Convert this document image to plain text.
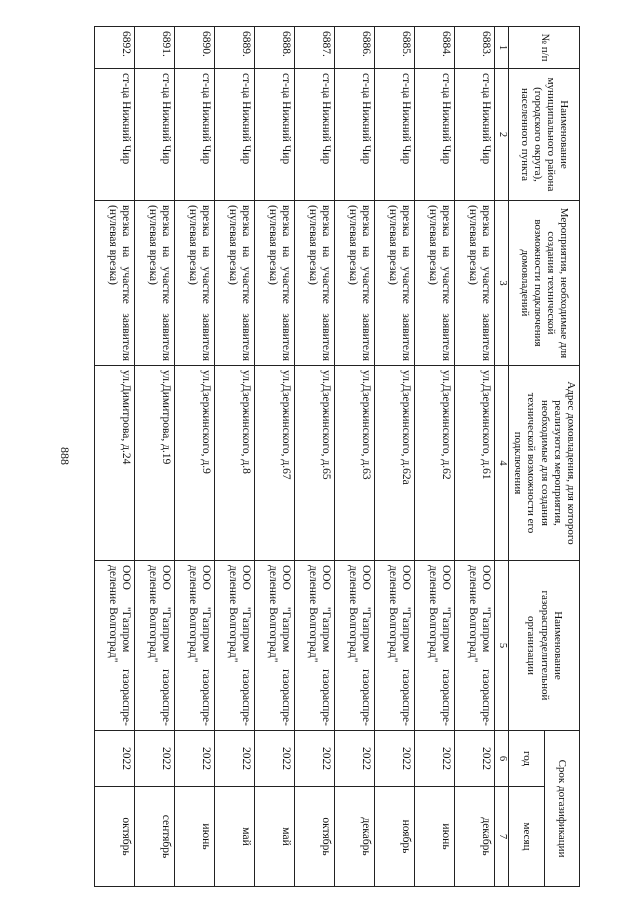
888
№ п/п	Наименование муниципального района (городского округа), населенного пункта	Мероприятия, необходимые для создания технической возможности подключения домовладений	Адрес домовладения, для которого реализуются мероприятия, необходимые для создания технической возможности его подключения	Наименование газораспределительной организации	Срок догазификации	
					год	месяц
1	2	3	4	5	6	7
6883.	ст-ца Нижний Чир	врезка на участке заявителя (нулевая врезка)	ул.Дзержинского, д.61	ООО "Газпром газораспре-деление Волгоград"	2022	декабрь
6884.	ст-ца Нижний Чир	врезка на участке заявителя (нулевая врезка)	ул.Дзержинского, д.62	ООО "Газпром газораспре-деление Волгоград"	2022	июнь
6885.	ст-ца Нижний Чир	врезка на участке заявителя (нулевая врезка)	ул.Дзержинского, д.62а	ООО "Газпром газораспре-деление Волгоград"	2022	ноябрь
6886.	ст-ца Нижний Чир	врезка на участке заявителя (нулевая врезка)	ул.Дзержинского, д.63	ООО "Газпром газораспре-деление Волгоград"	2022	декабрь
6887.	ст-ца Нижний Чир	врезка на участке заявителя (нулевая врезка)	ул.Дзержинского, д.65	ООО "Газпром газораспре-деление Волгоград"	2022	октябрь
6888.	ст-ца Нижний Чир	врезка на участке заявителя (нулевая врезка)	ул.Дзержинского, д.67	ООО "Газпром газораспре-деление Волгоград"	2022	май
6889.	ст-ца Нижний Чир	врезка на участке заявителя (нулевая врезка)	ул.Дзержинского, д.8	ООО "Газпром газораспре-деление Волгоград"	2022	май
6890.	ст-ца Нижний Чир	врезка на участке заявителя (нулевая врезка)	ул.Дзержинского, д.9	ООО "Газпром газораспре-деление Волгоград"	2022	июнь
6891.	ст-ца Нижний Чир	врезка на участке заявителя (нулевая врезка)	ул.Димитрова, д.19	ООО "Газпром газораспре-деление Волгоград"	2022	сентябрь
6892.	ст-ца Нижний Чир	врезка на участке заявителя (нулевая врезка)	ул.Димитрова, д.24	ООО "Газпром газораспре-деление Волгоград"	2022	октябрь
